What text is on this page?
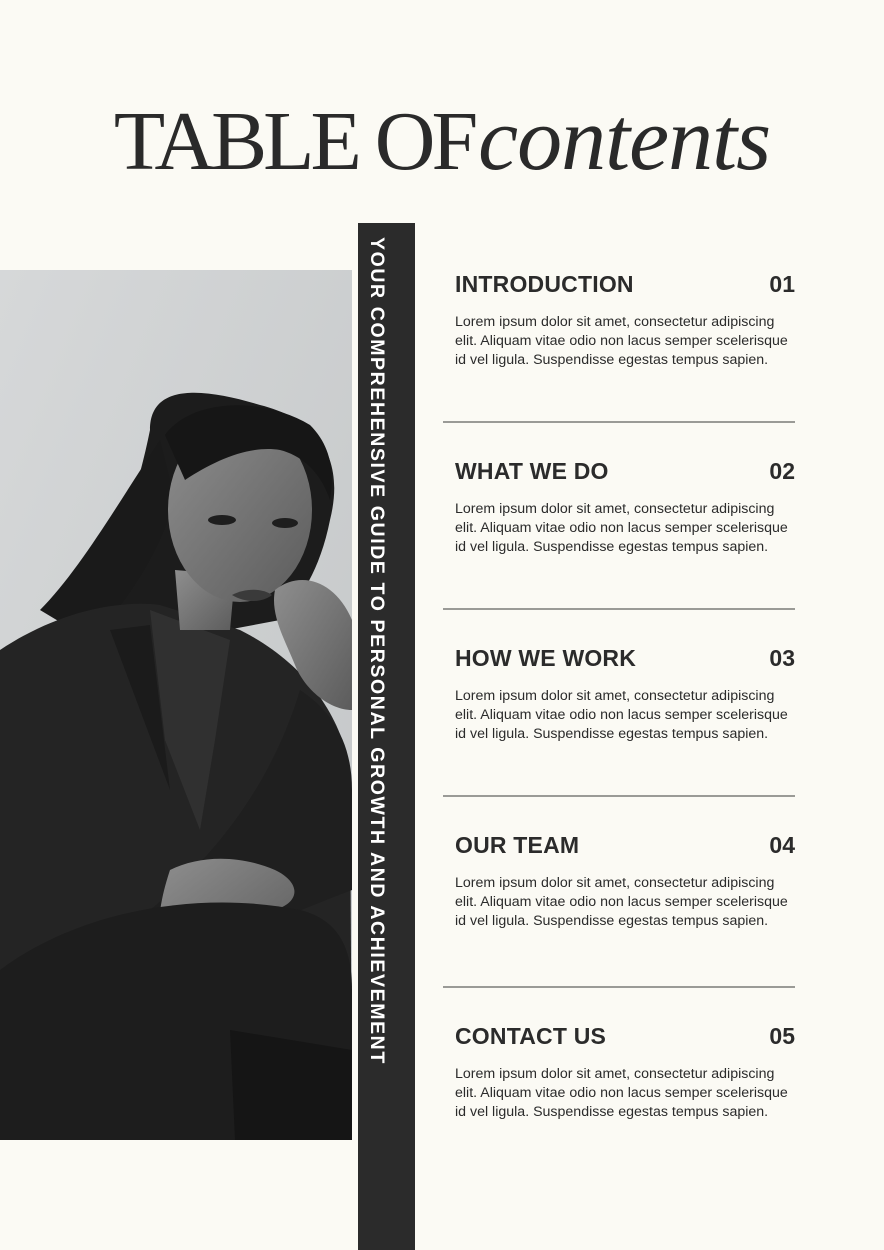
TABLE OFcontents
YOUR COMPREHENSIVE GUIDE TO PERSONAL GROWTH AND ACHIEVEMENT	INTRODUCTION	01
Lorem ipsum dolor sit amet, consectetur adipiscing elit. Aliquam vitae odio non lacus semper scelerisque id vel ligula. Suspendisse egestas tempus sapien.
WHAT WE DO	02
Lorem ipsum dolor sit amet, consectetur adipiscing elit. Aliquam vitae odio non lacus semper scelerisque id vel ligula. Suspendisse egestas tempus sapien.
HOW WE WORK	03
Lorem ipsum dolor sit amet, consectetur adipiscing elit. Aliquam vitae odio non lacus semper scelerisque id vel ligula. Suspendisse egestas tempus sapien.
OUR TEAM	04
Lorem ipsum dolor sit amet, consectetur adipiscing elit. Aliquam vitae odio non lacus semper scelerisque id vel ligula. Suspendisse egestas tempus sapien.
CONTACT US	05
Lorem ipsum dolor sit amet, consectetur adipiscing elit. Aliquam vitae odio non lacus semper scelerisque id vel ligula. Suspendisse egestas tempus sapien.
